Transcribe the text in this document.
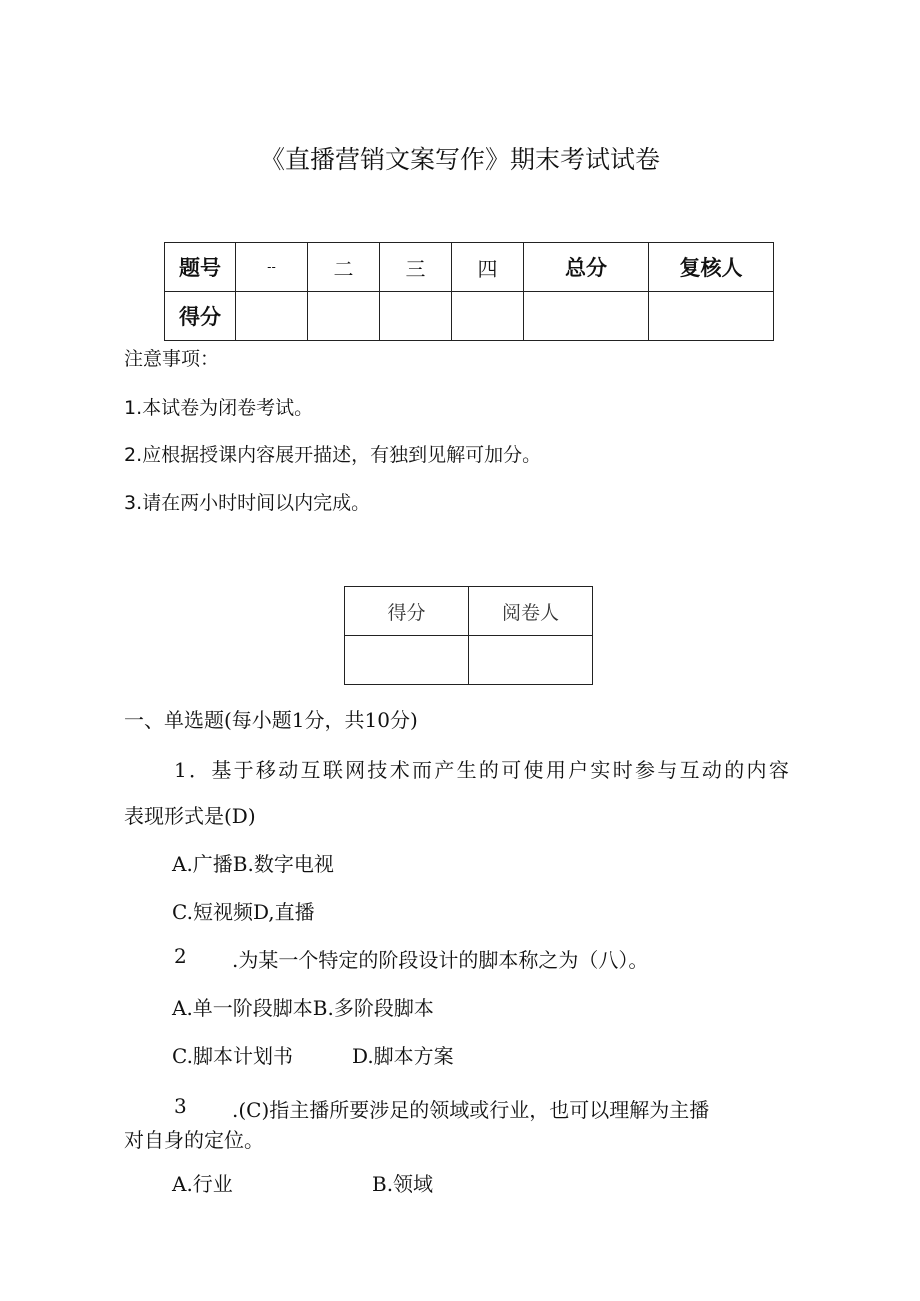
《直播营销文案写作》期末考试试卷
题号	--	二	三	四	总分	复核人
得分						
注意事项：
1.本试卷为闭卷考试。
2.应根据授课内容展开描述，有独到见解可加分。
3.请在两小时时间以内完成。
得分	阅卷人

一、单选题(每小题1分，共10分)
1．基于移动互联网技术而产生的可使用户实时参与互动的内容
表现形式是(D)
A.广播B.数字电视
C.短视频D,直播
2 .为某一个特定的阶段设计的脚本称之为（八）。
A.单一阶段脚本B.多阶段脚本
C.脚本计划书	D.脚本方案
3 .(C)指主播所要涉足的领域或行业，也可以理解为主播
对自身的定位。
A.行业	B.领域
